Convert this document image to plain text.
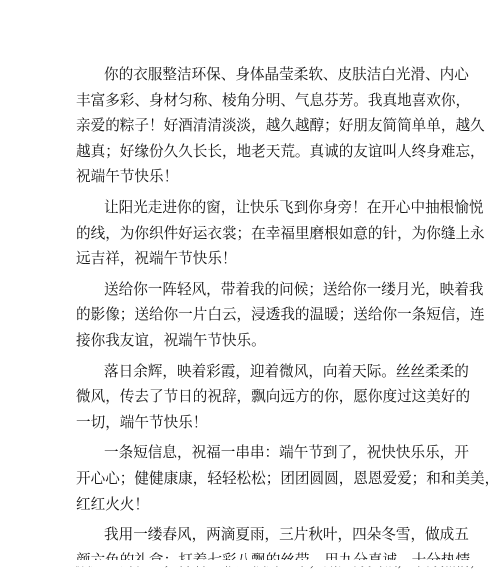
你的衣服整洁环保、身体晶莹柔软、皮肤洁白光滑、内心
丰富多彩、身材匀称、棱角分明、气息芬芳。我真地喜欢你，
亲爱的粽子！好酒清清淡淡，越久越醇；好朋友简简单单，越久
越真；好缘份久久长长，地老天荒。真诚的友谊叫人终身难忘，
祝端午节快乐！
让阳光走进你的窗，让快乐飞到你身旁！在开心中抽根愉悦
的线，为你织件好运衣裳；在幸福里磨根如意的针，为你缝上永
远吉祥，祝端午节快乐！
送给你一阵轻风，带着我的问候；送给你一缕月光，映着我
的影像；送给你一片白云，浸透我的温暖；送给你一条短信，连
接你我友谊，祝端午节快乐。
落日余辉，映着彩霞，迎着微风，向着天际。丝丝柔柔的
微风，传去了节日的祝辞，飘向远方的你，愿你度过这美好的
一切，端午节快乐！
一条短信息，祝福一串串：端午节到了，祝快快乐乐，开
开心心；健健康康，轻轻松松；团团圆圆，恩恩爱爱；和和美美，
红红火火！
我用一缕春风，两滴夏雨，三片秋叶，四朵冬雪，做成五
